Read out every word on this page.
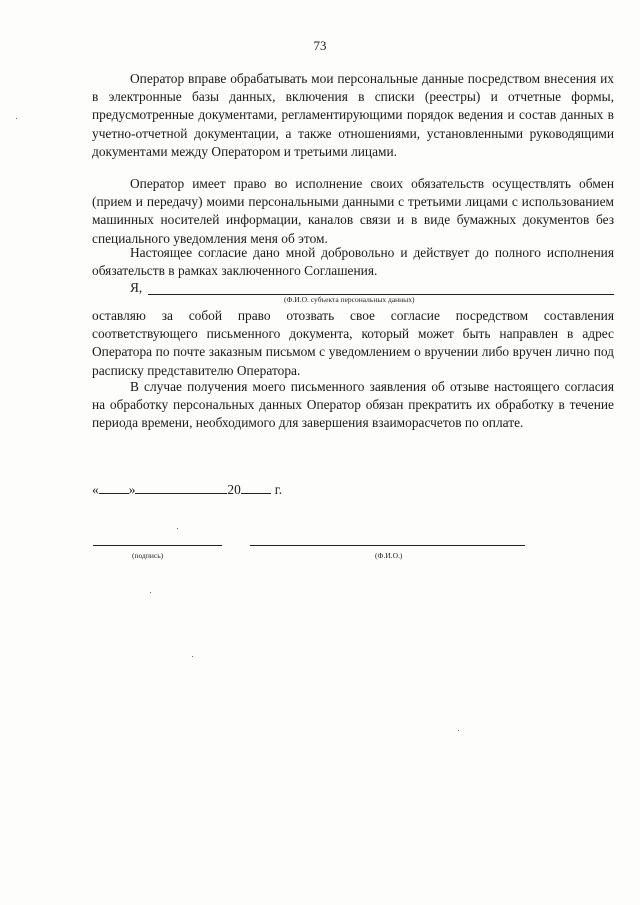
73

Оператор вправе обрабатывать мои персональные данные посредством внесения их в электронные базы данных, включения в списки (реестры) и отчетные формы, предусмотренные документами, регламентирующими порядок ведения и состав данных в учетно-отчетной документации, а также отношениями, установленными руководящими документами между Оператором и третьими лицами.

Оператор имеет право во исполнение своих обязательств осуществлять обмен (прием и передачу) моими персональными данными с третьими лицами с использованием машинных носителей информации, каналов связи и в виде бумажных документов без специального уведомления меня об этом.

Настоящее согласие дано мной добровольно и действует до полного исполнения обязательств в рамках заключенного Соглашения.

Я,
(Ф.И.О. субъекта персональных данных)

оставляю за собой право отозвать свое согласие посредством составления соответствующего письменного документа, который может быть направлен в адрес Оператора по почте заказным письмом с уведомлением о вручении либо вручен лично под расписку представителю Оператора.

В случае получения моего письменного заявления об отзыве настоящего согласия на обработку персональных данных Оператор обязан прекратить их обработку в течение периода времени, необходимого для завершения взаиморасчетов по оплате.

« »	20	г.
(подпись)	(Ф.И.О.)
